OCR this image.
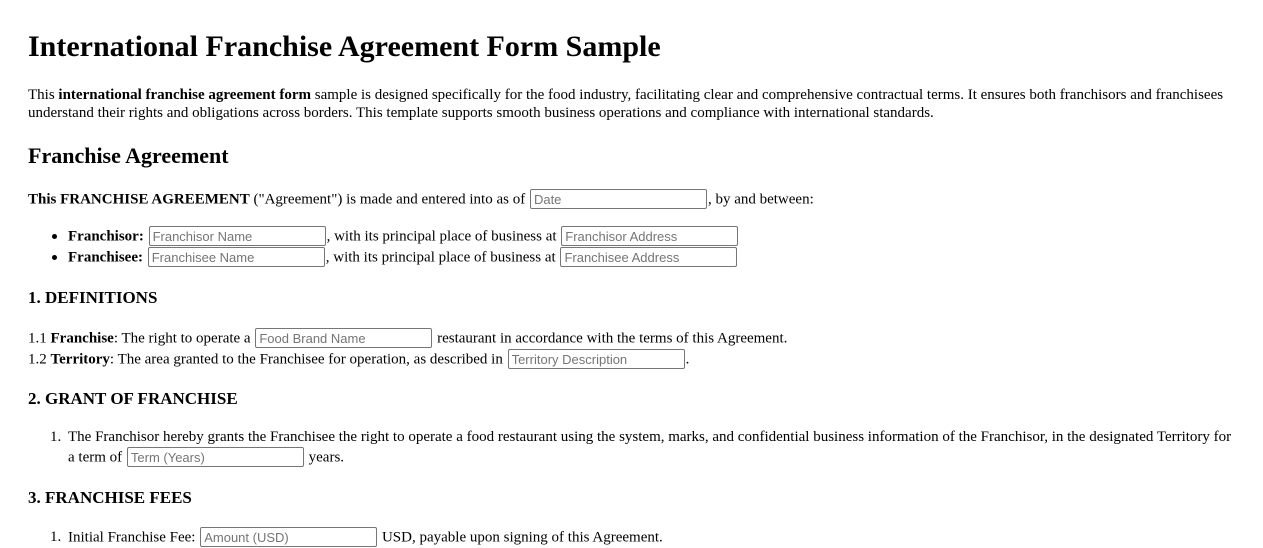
International Franchise Agreement Form Sample

This international franchise agreement form sample is designed specifically for the food industry, facilitating clear and comprehensive contractual terms. It ensures both franchisors and franchisees understand their rights and obligations across borders. This template supports smooth business operations and compliance with international standards.

Franchise Agreement
This FRANCHISE AGREEMENT ("Agreement") is made and entered into as of Date	, by and between:
Franchisor: Franchisor Name	, with its principal place of business at Franchisor Address
Franchisee: Franchisee Name	, with its principal place of business at Franchisee Address
1. DEFINITIONS
1.1 Franchise: The right to operate a Food Brand Name	restaurant in accordance with the terms of this Agreement.
1.2 Territory: The area granted to the Franchisee for operation, as described in Territory Description	.
2. GRANT OF FRANCHISE
1. The Franchisor hereby grants the Franchisee the right to operate a food restaurant using the system, marks, and confidential business information of the Franchisor, in the designated Territory for a term of Term (Years)	years.
3. FRANCHISE FEES
1. Initial Franchise Fee: Amount (USD)	USD, payable upon signing of this Agreement.
